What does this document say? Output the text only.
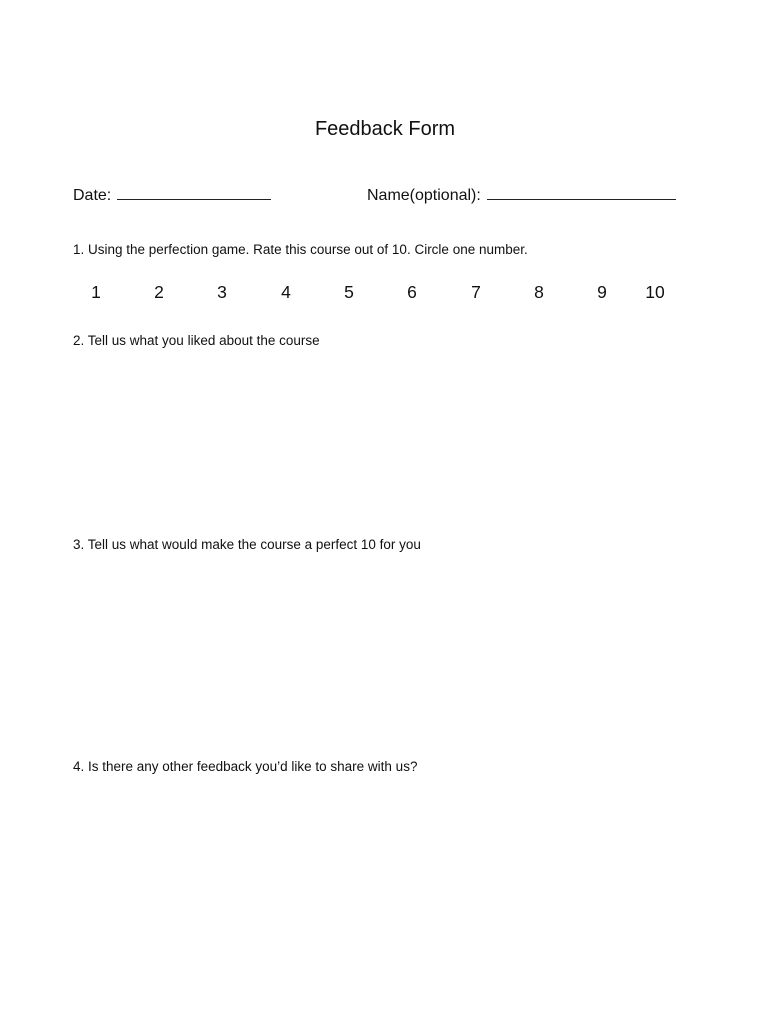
Feedback Form
Date:	Name(optional):
1. Using the perfection game. Rate this course out of 10. Circle one number.
1	2	3	4	5	6	7	8	9 10
2. Tell us what you liked about the course
3. Tell us what would make the course a perfect 10 for you
4. Is there any other feedback you’d like to share with us?
